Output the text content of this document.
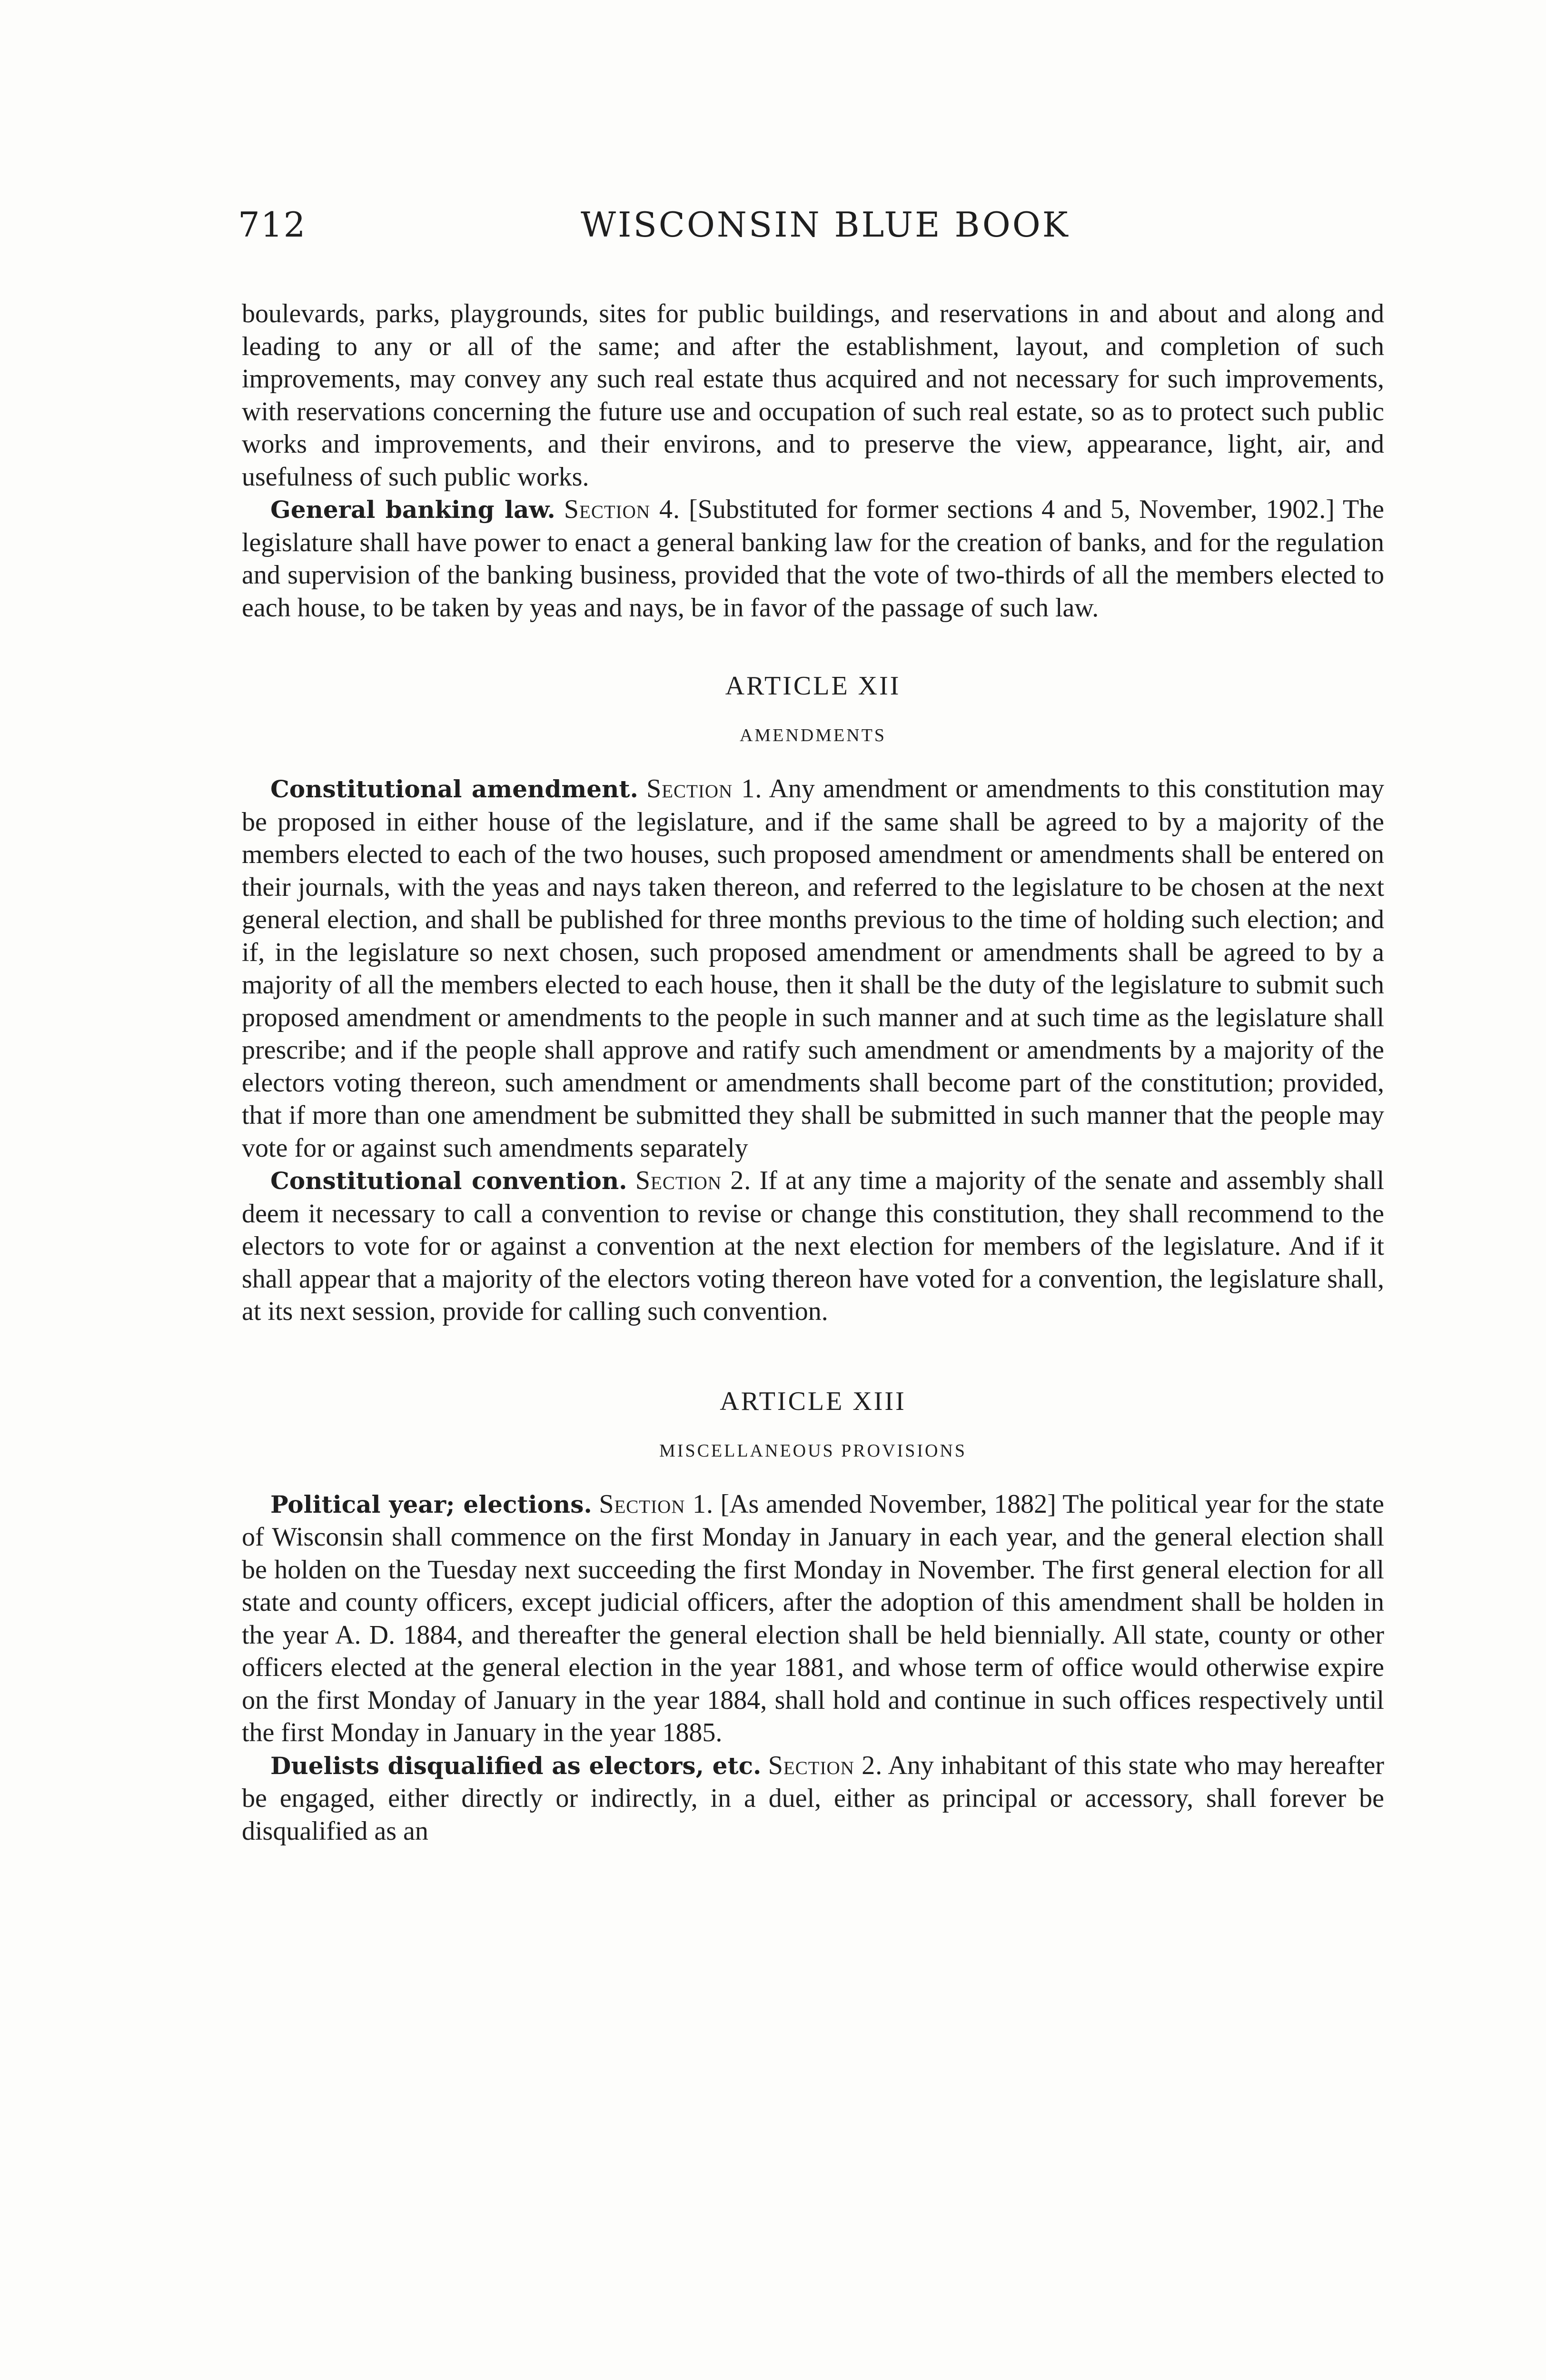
712	WISCONSIN BLUE BOOK

boulevards, parks, playgrounds, sites for public buildings, and reservations in and about and along and leading to any or all of the same; and after the establishment, layout, and completion of such improvements, may convey any such real estate thus acquired and not necessary for such improvements, with reservations concerning the future use and occupation of such real estate, so as to protect such public works and improvements, and their environs, and to preserve the view, appearance, light, air, and usefulness of such public works.

General banking law. Section 4. [Substituted for former sections 4 and 5, November, 1902.] The legislature shall have power to enact a general banking law for the creation of banks, and for the regulation and supervision of the banking business, provided that the vote of two-thirds of all the members elected to each house, to be taken by yeas and nays, be in favor of the passage of such law.

ARTICLE XII
AMENDMENTS

Constitutional amendment. Section 1. Any amendment or amendments to this constitution may be proposed in either house of the legislature, and if the same shall be agreed to by a majority of the members elected to each of the two houses, such proposed amendment or amendments shall be entered on their journals, with the yeas and nays taken thereon, and referred to the legislature to be chosen at the next general election, and shall be published for three months previous to the time of holding such election; and if, in the legislature so next chosen, such proposed amendment or amendments shall be agreed to by a majority of all the members elected to each house, then it shall be the duty of the legislature to submit such proposed amendment or amendments to the people in such manner and at such time as the legislature shall prescribe; and if the people shall approve and ratify such amendment or amendments by a majority of the electors voting thereon, such amendment or amendments shall become part of the constitution; provided, that if more than one amendment be submitted they shall be submitted in such manner that the people may vote for or against such amendments separately

Constitutional convention. Section 2. If at any time a majority of the senate and assembly shall deem it necessary to call a convention to revise or change this constitution, they shall recommend to the electors to vote for or against a convention at the next election for members of the legislature. And if it shall appear that a majority of the electors voting thereon have voted for a convention, the legislature shall, at its next session, provide for calling such convention.

ARTICLE XIII
MISCELLANEOUS PROVISIONS

Political year; elections. Section 1. [As amended November, 1882] The political year for the state of Wisconsin shall commence on the first Monday in January in each year, and the general election shall be holden on the Tuesday next succeeding the first Monday in November. The first general election for all state and county officers, except judicial officers, after the adoption of this amendment shall be holden in the year A. D. 1884, and thereafter the general election shall be held biennially. All state, county or other officers elected at the general election in the year 1881, and whose term of office would otherwise expire on the first Monday of January in the year 1884, shall hold and continue in such offices respectively until the first Monday in January in the year 1885.

Duelists disqualified as electors, etc. Section 2. Any inhabitant of this state who may hereafter be engaged, either directly or indirectly, in a duel, either as principal or accessory, shall forever be disqualified as an
